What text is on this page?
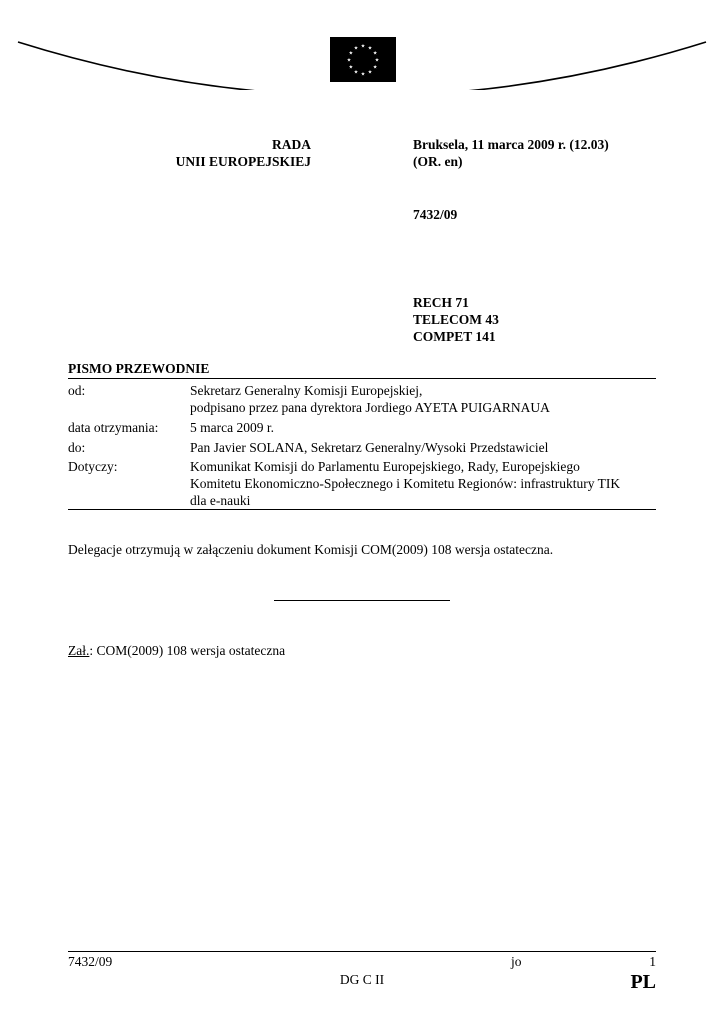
★ ★
★
★
★
★
★
★
★
★
★
★
RADA
UNII EUROPEJSKIEJ
Bruksela, 11 marca 2009 r. (12.03)
(OR. en)
7432/09
RECH 71
TELECOM 43
COMPET 141
PISMO PRZEWODNIE
od:	Sekretarz Generalny Komisji Europejskiej,
podpisano przez pana dyrektora Jordiego AYETA PUIGARNAUA
data otrzymania: 5 marca 2009 r.
do:	Pan Javier SOLANA, Sekretarz Generalny/Wysoki Przedstawiciel
Dotyczy:	Komunikat Komisji do Parlamentu Europejskiego, Rady, Europejskiego
Komitetu Ekonomiczno-Społecznego i Komitetu Regionów: infrastruktury TIK
dla e-nauki
Delegacje otrzymują w załączeniu dokument Komisji COM(2009) 108 wersja ostateczna.
Zał.: COM(2009) 108 wersja ostateczna
7432/09	jo	1
DG C II	PL
